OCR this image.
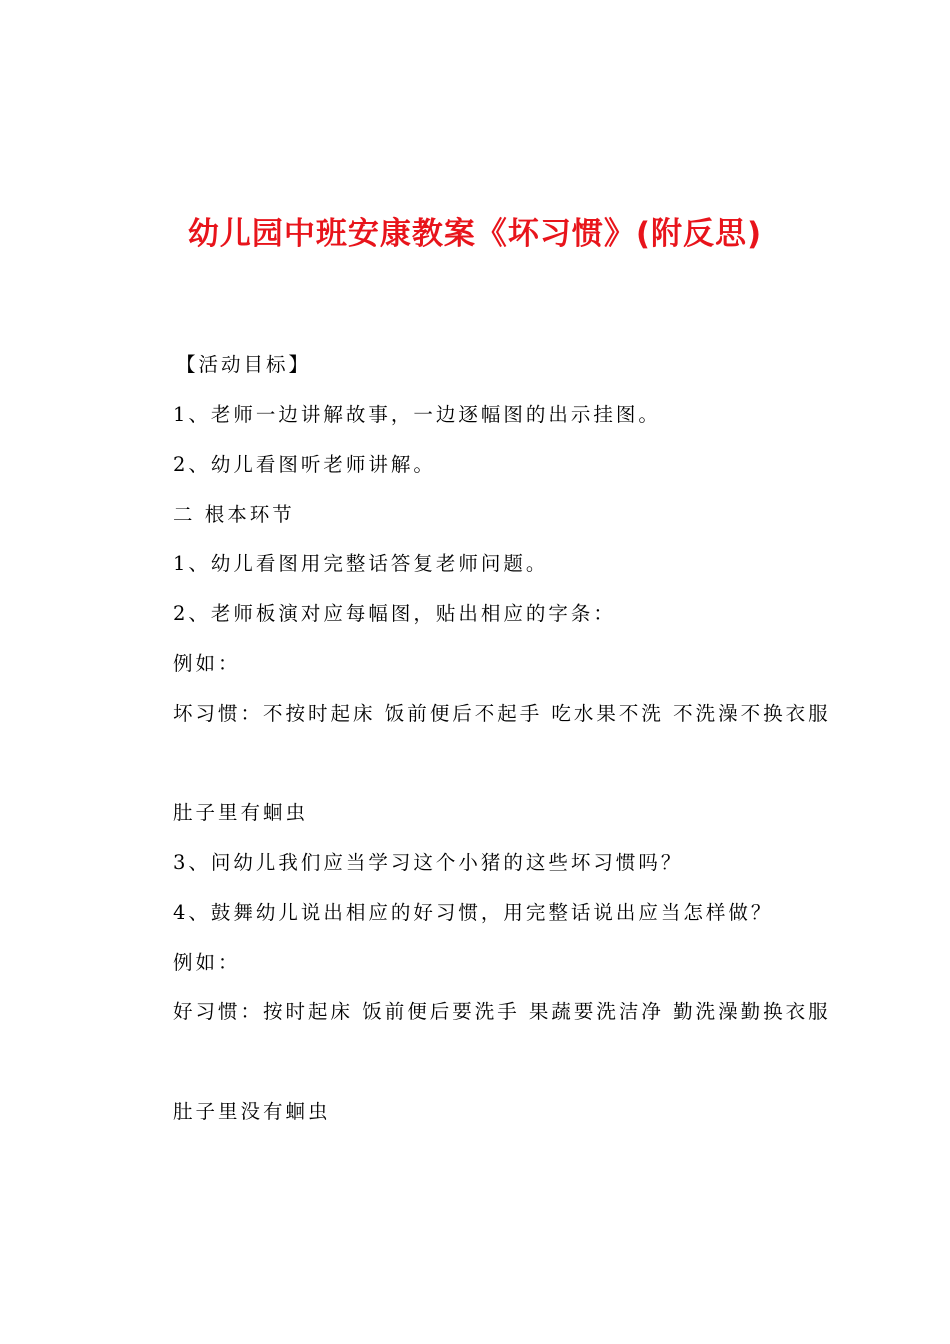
幼儿园中班安康教案《坏习惯》(附反思)
【活动目标】
1、老师一边讲解故事，一边逐幅图的出示挂图。
2、幼儿看图听老师讲解。
二 根本环节
1、幼儿看图用完整话答复老师问题。
2、老师板演对应每幅图，贴出相应的字条：
例如：
坏习惯：不按时起床 饭前便后不起手 吃水果不洗 不洗澡不换衣服
肚子里有蛔虫
3、问幼儿我们应当学习这个小猪的这些坏习惯吗？
4、鼓舞幼儿说出相应的好习惯，用完整话说出应当怎样做？
例如：
好习惯：按时起床 饭前便后要洗手 果蔬要洗洁净 勤洗澡勤换衣服
肚子里没有蛔虫
